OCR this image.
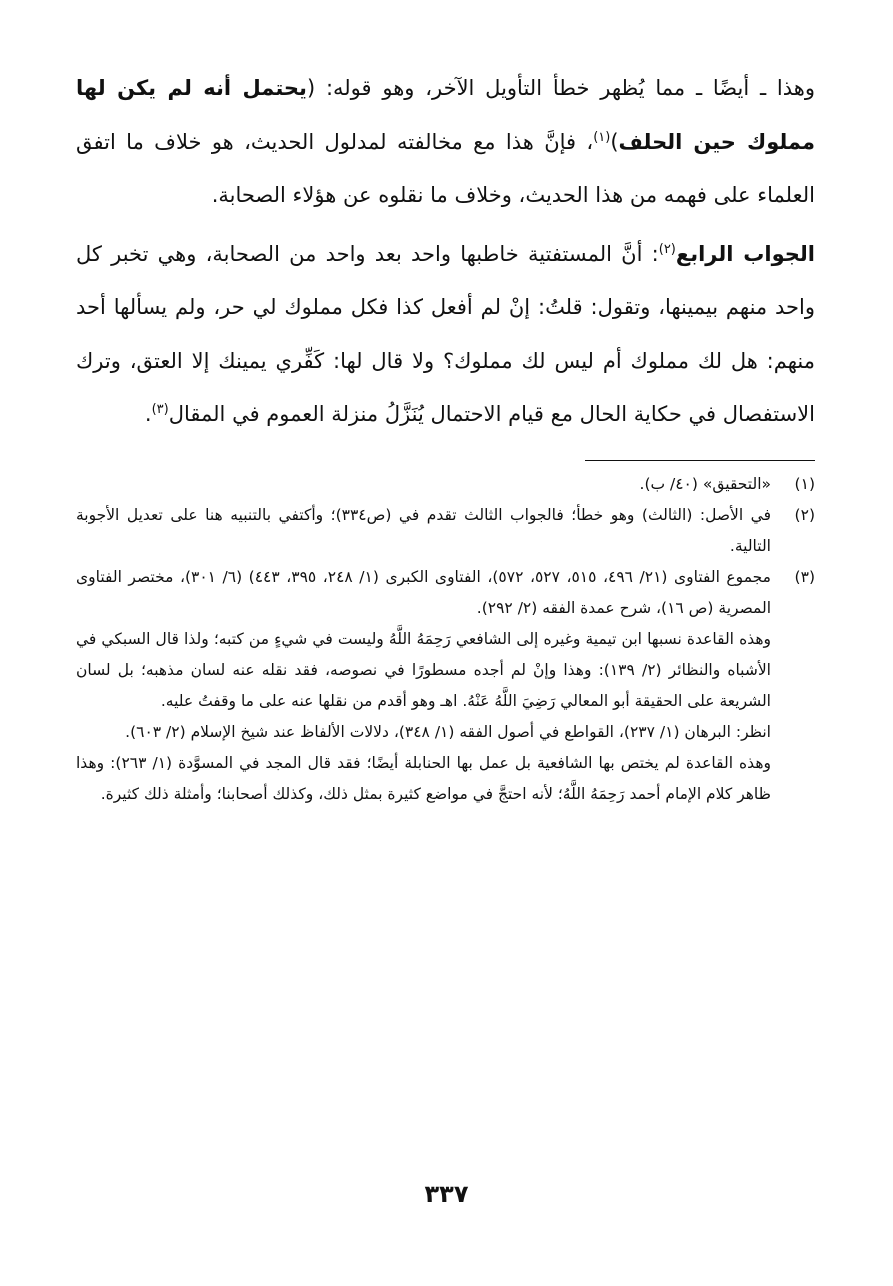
وهذا ـ أيضًا ـ مما يُظهر خطأ التأويل الآخر، وهو قوله: (يحتمل أنه لم يكن لها مملوك حين الحلف)$^{(١)}$، فإنَّ هذا مع مخالفته لمدلول الحديث، هو خلاف ما اتفق العلماء على فهمه من هذا الحديث، وخلاف ما نقلوه عن هؤلاء الصحابة.

الجواب الرابع$^{(٢)}$: أنَّ المستفتية خاطبها واحد بعد واحد من الصحابة، وهي تخبر كل واحد منهم بيمينها، وتقول: قلتُ: إنْ لم أفعل كذا فكل مملوك لي حر، ولم يسألها أحد منهم: هل لك مملوك أم ليس لك مملوك؟ ولا قال لها: كَفِّري يمينك إلا العتق، وترك الاستفصال في حكاية الحال مع قيام الاحتمال يُنَزَّلُ منزلة العموم في المقال$^{(٣)}$.

(١)

«التحقيق» (٤٠/ ب).

(٢)

في الأصل: (الثالث) وهو خطأ؛ فالجواب الثالث تقدم في (ص٣٣٤)؛ وأكتفي بالتنبيه هنا على تعديل الأجوبة التالية.

(٣)

مجموع الفتاوى (٢١/ ٤٩٦، ٥١٥، ٥٢٧، ٥٧٢)، الفتاوى الكبرى (١/ ٢٤٨، ٣٩٥، ٤٤٣) (٦/ ٣٠١)، مختصر الفتاوى المصرية (ص ١٦)، شرح عمدة الفقه (٢/ ٢٩٢).

وهذه القاعدة نسبها ابن تيمية وغيره إلى الشافعي رَحِمَهُ اللَّهُ وليست في شيءٍ من كتبه؛ ولذا قال السبكي في الأشباه والنظائر (٢/ ١٣٩): وهذا وإنْ لم أجده مسطورًا في نصوصه، فقد نقله عنه لسان مذهبه؛ بل لسان الشريعة على الحقيقة أبو المعالي رَضِيَ اللَّهُ عَنْهُ. اهـ وهو أقدم من نقلها عنه على ما وقفتُ عليه.

انظر: البرهان (١/ ٢٣٧)، القواطع في أصول الفقه (١/ ٣٤٨)، دلالات الألفاظ عند شيخ الإسلام (٢/ ٦٠٣).

وهذه القاعدة لم يختص بها الشافعية بل عمل بها الحنابلة أيضًا؛ فقد قال المجد في المسوَّدة (١/ ٢٦٣): وهذا ظاهر كلام الإمام أحمد رَحِمَهُ اللَّهُ؛ لأنه احتجَّ في مواضع كثيرة بمثل ذلك، وكذلك أصحابنا؛ وأمثلة ذلك كثيرة.

٣٣٧
